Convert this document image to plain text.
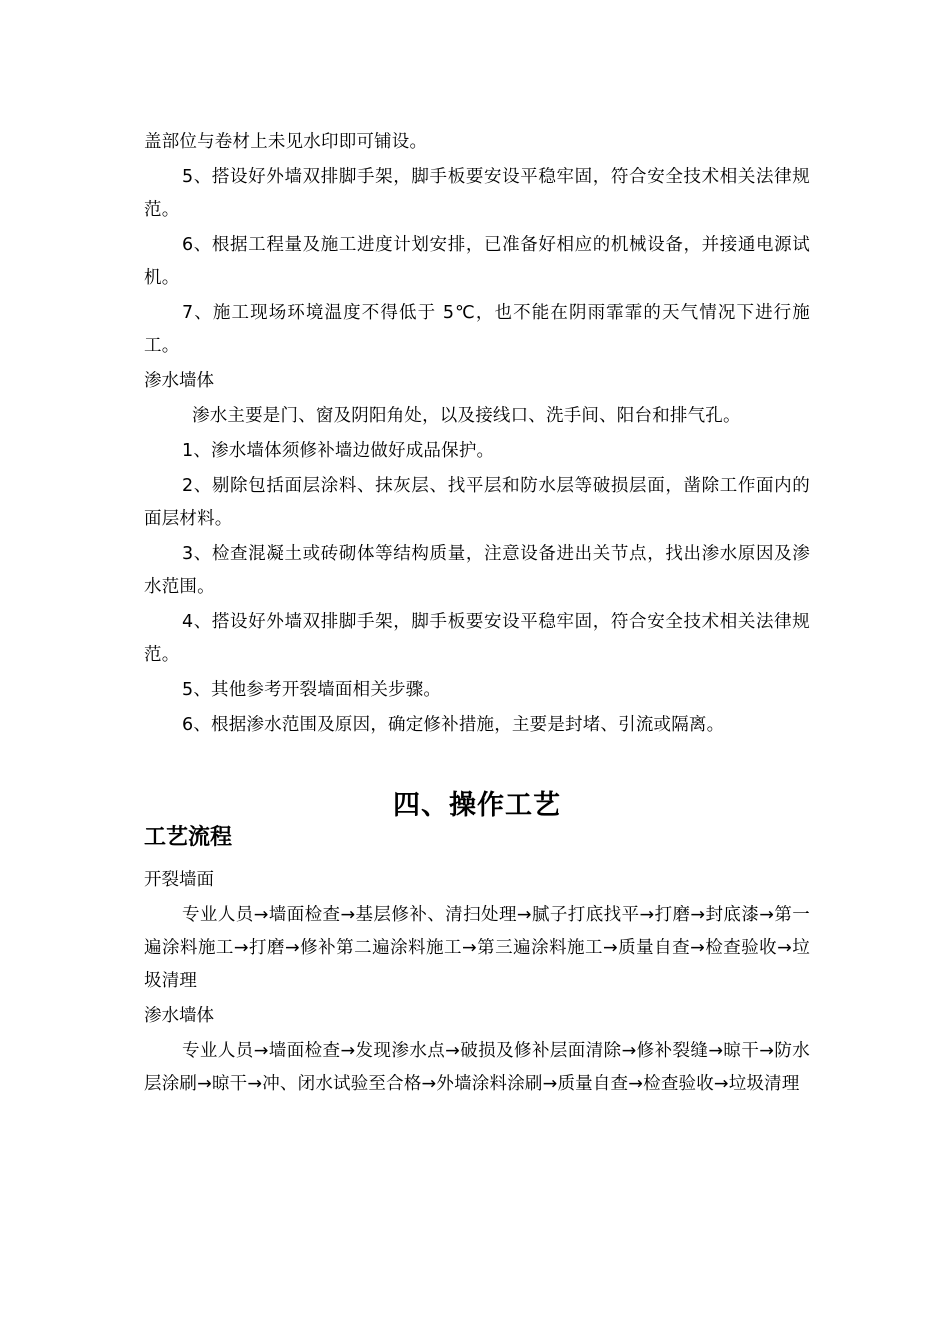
盖部位与卷材上未见水印即可铺设。

5、搭设好外墙双排脚手架，脚手板要安设平稳牢固，符合安全技术相关法律规范。

6、根据工程量及施工进度计划安排，已准备好相应的机械设备，并接通电源试机。

7、施工现场环境温度不得低于 5℃，也不能在阴雨霏霏的天气情况下进行施工。

渗水墙体

渗水主要是门、窗及阴阳角处，以及接线口、洗手间、阳台和排气孔。

1、渗水墙体须修补墙边做好成品保护。

2、剔除包括面层涂料、抹灰层、找平层和防水层等破损层面，凿除工作面内的面层材料。

3、检查混凝土或砖砌体等结构质量，注意设备进出关节点，找出渗水原因及渗水范围。

4、搭设好外墙双排脚手架，脚手板要安设平稳牢固，符合安全技术相关法律规范。

5、其他参考开裂墙面相关步骤。

6、根据渗水范围及原因，确定修补措施，主要是封堵、引流或隔离。

四、操作工艺
工艺流程

开裂墙面

专业人员→墙面检查→基层修补、清扫处理→腻子打底找平→打磨→封底漆→第一遍涂料施工→打磨→修补第二遍涂料施工→第三遍涂料施工→质量自查→检查验收→垃圾清理

渗水墙体

专业人员→墙面检查→发现渗水点→破损及修补层面清除→修补裂缝→晾干→防水层涂刷→晾干→冲、闭水试验至合格→外墙涂料涂刷→质量自查→检查验收→垃圾清理
